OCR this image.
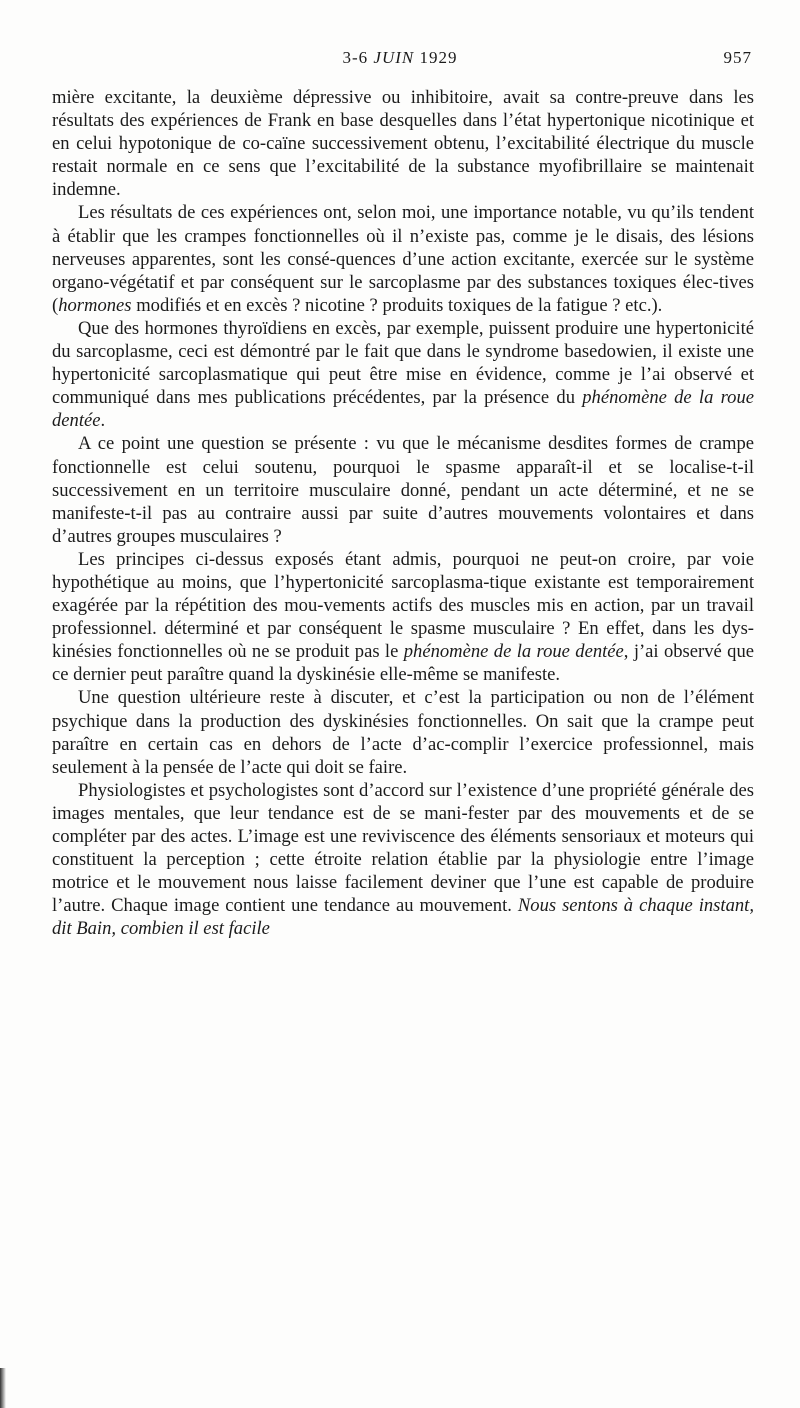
3-6 JUIN 1929	957

mière excitante, la deuxième dépressive ou inhibitoire, avait sa contre-preuve dans les résultats des expériences de Frank en base desquelles dans l’état hypertonique nicotinique et en celui hypotonique de co-caïne successivement obtenu, l’excitabilité électrique du muscle restait normale en ce sens que l’excitabilité de la substance myofibrillaire se maintenait indemne.

Les résultats de ces expériences ont, selon moi, une importance notable, vu qu’ils tendent à établir que les crampes fonctionnelles où il n’existe pas, comme je le disais, des lésions nerveuses apparentes, sont les consé-quences d’une action excitante, exercée sur le système organo-végétatif et par conséquent sur le sarcoplasme par des substances toxiques élec-tives (hormones modifiés et en excès ? nicotine ? produits toxiques de la fatigue ? etc.).

Que des hormones thyroïdiens en excès, par exemple, puissent produire une hypertonicité du sarcoplasme, ceci est démontré par le fait que dans le syndrome basedowien, il existe une hypertonicité sarcoplasmatique qui peut être mise en évidence, comme je l’ai observé et communiqué dans mes publications précédentes, par la présence du phénomène de la roue dentée.

A ce point une question se présente : vu que le mécanisme desdites formes de crampe fonctionnelle est celui soutenu, pourquoi le spasme apparaît-il et se localise-t-il successivement en un territoire musculaire donné, pendant un acte déterminé, et ne se manifeste-t-il pas au contraire aussi par suite d’autres mouvements volontaires et dans d’autres groupes musculaires ?

Les principes ci-dessus exposés étant admis, pourquoi ne peut-on croire, par voie hypothétique au moins, que l’hypertonicité sarcoplasma-tique existante est temporairement exagérée par la répétition des mou-vements actifs des muscles mis en action, par un travail professionnel. déterminé et par conséquent le spasme musculaire ? En effet, dans les dys-kinésies fonctionnelles où ne se produit pas le phénomène de la roue dentée, j’ai observé que ce dernier peut paraître quand la dyskinésie elle-même se manifeste.

Une question ultérieure reste à discuter, et c’est la participation ou non de l’élément psychique dans la production des dyskinésies fonctionnelles. On sait que la crampe peut paraître en certain cas en dehors de l’acte d’ac-complir l’exercice professionnel, mais seulement à la pensée de l’acte qui doit se faire.

Physiologistes et psychologistes sont d’accord sur l’existence d’une propriété générale des images mentales, que leur tendance est de se mani-fester par des mouvements et de se compléter par des actes. L’image est une reviviscence des éléments sensoriaux et moteurs qui constituent la perception ; cette étroite relation établie par la physiologie entre l’image motrice et le mouvement nous laisse facilement deviner que l’une est capable de produire l’autre. Chaque image contient une tendance au mouvement. Nous sentons à chaque instant, dit Bain, combien il est facile
